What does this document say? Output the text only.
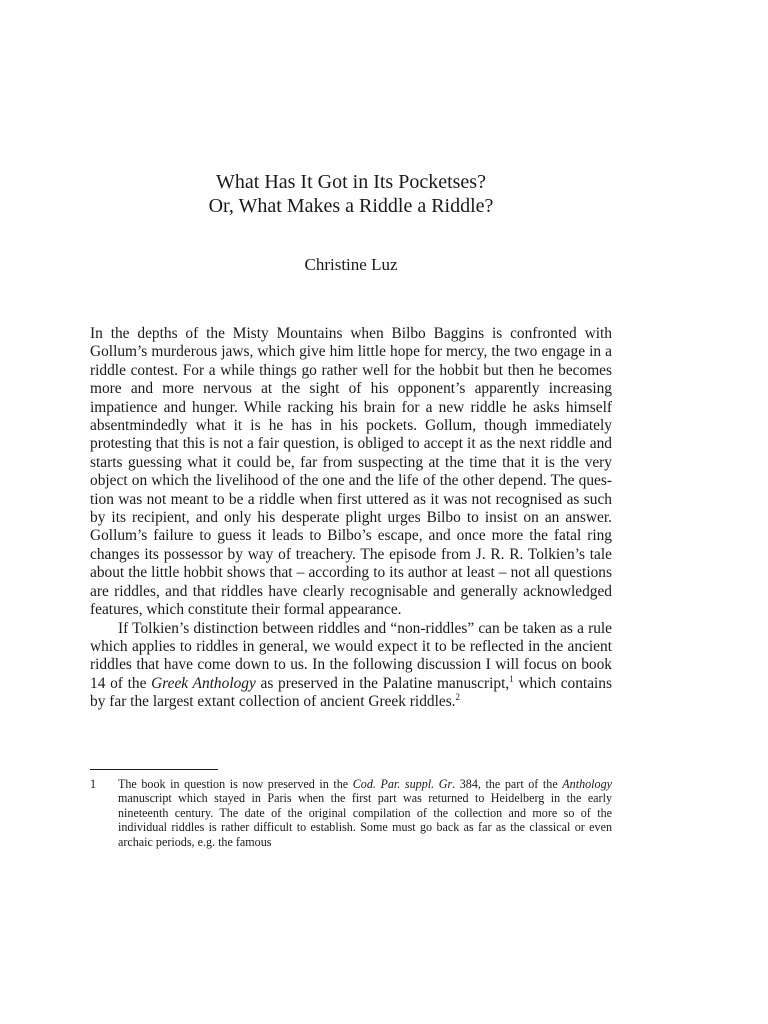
What Has It Got in Its Pocketses?
Or, What Makes a Riddle a Riddle?
Christine Luz

In the depths of the Misty Mountains when Bilbo Baggins is confronted with Gollum’s murderous jaws, which give him little hope for mercy, the two engage in a riddle contest. For a while things go rather well for the hobbit but then he becomes more and more nervous at the sight of his opponent’s apparently increasing impatience and hunger. While racking his brain for a new riddle he asks himself absentmindedly what it is he has in his pockets. Gollum, though immediately protesting that this is not a fair question, is obliged to accept it as the next riddle and starts guessing what it could be, far from suspecting at the time that it is the very object on which the livelihood of the one and the life of the other depend. The question was not meant to be a riddle when first uttered as it was not recognised as such by its recipient, and only his desperate plight urges Bilbo to insist on an answer. Gollum’s failure to guess it leads to Bilbo’s escape, and once more the fatal ring changes its possessor by way of treachery. The episode from J. R. R. Tolkien’s tale about the little hobbit shows that – according to its author at least – not all questions are riddles, and that riddles have clearly recognisable and generally acknowledged features, which constitute their formal appearance.

If Tolkien’s distinction between riddles and “non-riddles” can be taken as a rule which applies to riddles in general, we would expect it to be reflected in the ancient riddles that have come down to us. In the following discussion I will focus on book 14 of the Greek Anthology as preserved in the Palatine manuscript,$^1$ which contains by far the largest extant collection of ancient Greek riddles.$^2$

1	The book in question is now preserved in the Cod. Par. suppl. Gr. 384, the part of the Anthology manuscript which stayed in Paris when the first part was returned to Heidelberg in the early nineteenth century. The date of the original compilation of the collection and more so of the individual riddles is rather difficult to establish. Some must go back as far as the classical or even archaic periods, e.g. the famous
